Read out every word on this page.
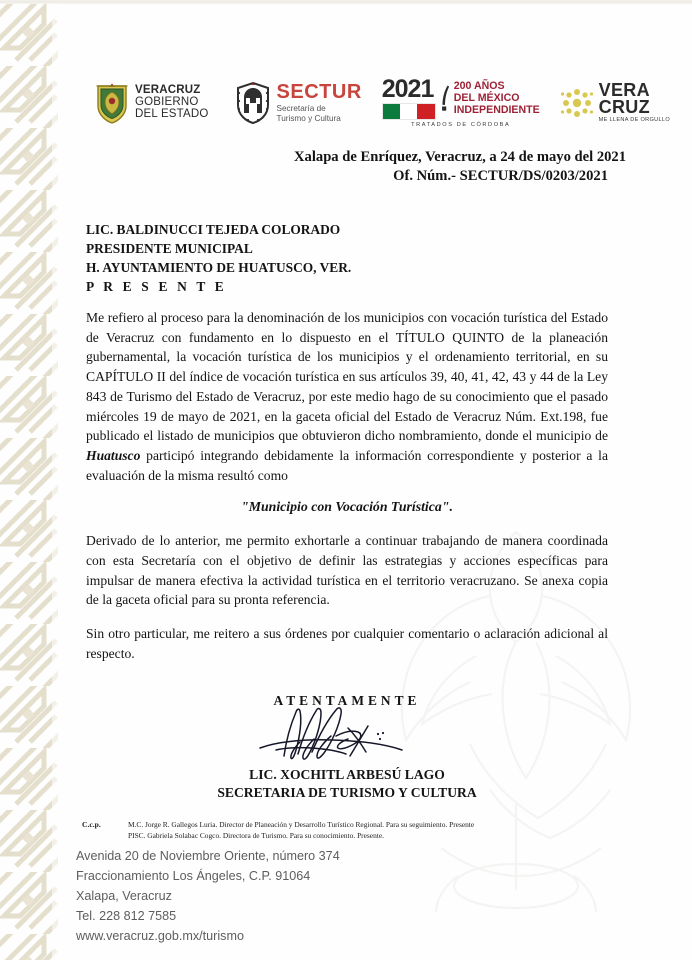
VERACRUZ
GOBIERNO
DEL ESTADO
SECTUR
Secretaría de
Turismo y Cultura
2021 200 AÑOS
DEL MÉXICO
INDEPENDIENTE
TRATADOS DE CÓRDOBA
VERA
CRUZ
ME LLENA DE ORGULLO
Xalapa de Enríquez, Veracruz, a 24 de mayo del 2021
Of. Núm.- SECTUR/DS/0203/2021
LIC. BALDINUCCI TEJEDA COLORADO
PRESIDENTE MUNICIPAL
H. AYUNTAMIENTO DE HUATUSCO, VER.
P R E S E N T E

Me refiero al proceso para la denominación de los municipios con vocación turística del Estado de Veracruz con fundamento en lo dispuesto en el TÍTULO QUINTO de la planeación gubernamental, la vocación turística de los municipios y el ordenamiento territorial, en su CAPÍTULO II del índice de vocación turística en sus artículos 39, 40, 41, 42, 43 y 44 de la Ley 843 de Turismo del Estado de Veracruz, por este medio hago de su conocimiento que el pasado miércoles 19 de mayo de 2021, en la gaceta oficial del Estado de Veracruz Núm. Ext.198, fue publicado el listado de municipios que obtuvieron dicho nombramiento, donde el municipio de Huatusco participó integrando debidamente la información correspondiente y posterior a la evaluación de la misma resultó como

"Municipio con Vocación Turística".

Derivado de lo anterior, me permito exhortarle a continuar trabajando de manera coordinada con esta Secretaría con el objetivo de definir las estrategias y acciones específicas para impulsar de manera efectiva la actividad turística en el territorio veracruzano. Se anexa copia de la gaceta oficial para su pronta referencia.

Sin otro particular, me reitero a sus órdenes por cualquier comentario o aclaración adicional al respecto.

ATENTAMENTE
LIC. XOCHITL ARBESÚ LAGO
SECRETARIA DE TURISMO Y CULTURA
C.c.p.	M.C. Jorge R. Gallegos Luria. Director de Planeación y Desarrollo Turístico Regional. Para su seguimiento. Presente
PISC. Gabriela Solabac Cogco. Directora de Turismo. Para su conocimiento. Presente.
Avenida 20 de Noviembre Oriente, número 374
Fraccionamiento Los Ángeles, C.P. 91064
Xalapa, Veracruz
Tel. 228 812 7585
www.veracruz.gob.mx/turismo
